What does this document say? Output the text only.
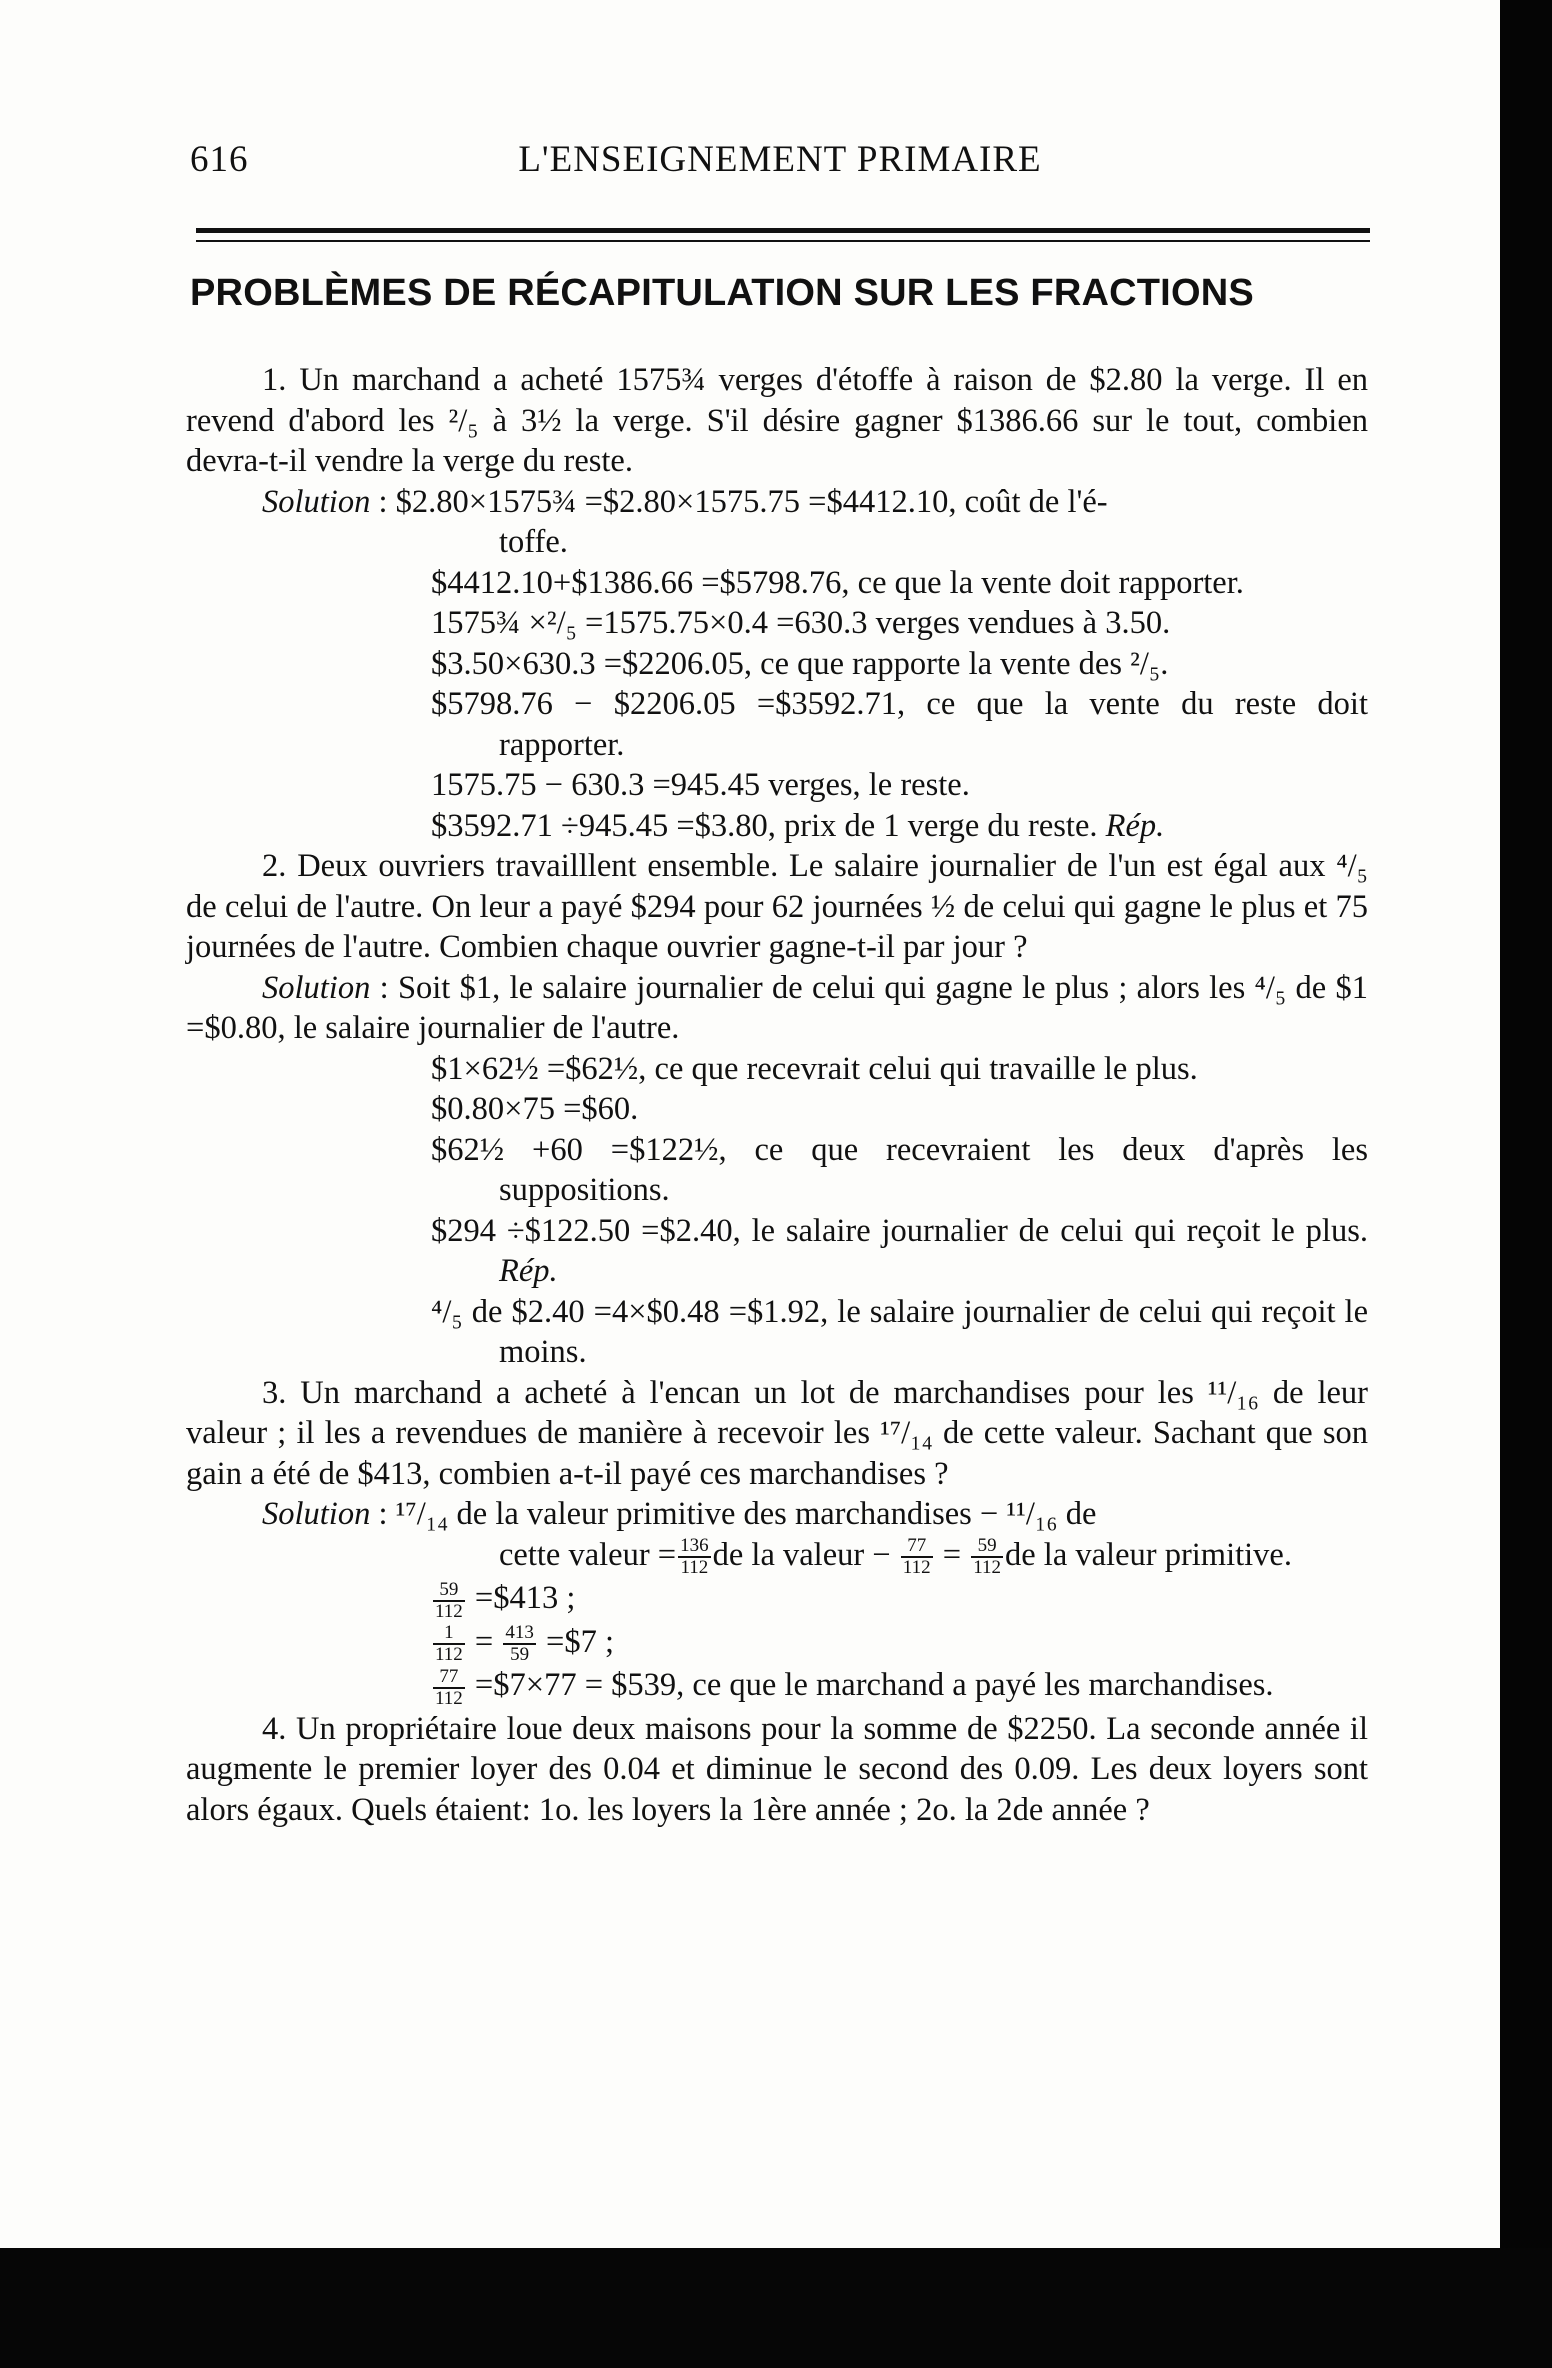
616	L'ENSEIGNEMENT PRIMAIRE
PROBLÈMES DE RÉCAPITULATION SUR LES FRACTIONS

1. Un marchand a acheté 1575¾ verges d'étoffe à raison de $2.80 la verge. Il en revend d'abord les ²/₅ à 3½ la verge. S'il désire gagner $1386.66 sur le tout, combien devra-t-il vendre la verge du reste.

Solution : $2.80×1575¾ =$2.80×1575.75 =$4412.10, coût de l'é-

toffe.

$4412.10+$1386.66 =$5798.76, ce que la vente doit rapporter.

1575¾ ×²/₅ =1575.75×0.4 =630.3 verges vendues à 3.50.

$3.50×630.3 =$2206.05, ce que rapporte la vente des ²/₅.

$5798.76 − $2206.05 =$3592.71, ce que la vente du reste doit rapporter.

1575.75 − 630.3 =945.45 verges, le reste.

$3592.71 ÷945.45 =$3.80, prix de 1 verge du reste. Rép.

2. Deux ouvriers travailllent ensemble. Le salaire journalier de l'un est égal aux ⁴/₅ de celui de l'autre. On leur a payé $294 pour 62 journées ½ de celui qui gagne le plus et 75 journées de l'autre. Combien chaque ouvrier gagne-t-il par jour ?

Solution : Soit $1, le salaire journalier de celui qui gagne le plus ; alors les ⁴/₅ de $1 =$0.80, le salaire journalier de l'autre.

$1×62½ =$62½, ce que recevrait celui qui travaille le plus.

$0.80×75 =$60.

$62½ +60 =$122½, ce que recevraient les deux d'après les suppositions.

$294 ÷$122.50 =$2.40, le salaire journalier de celui qui reçoit le plus. Rép.

⁴/₅ de $2.40 =4×$0.48 =$1.92, le salaire journalier de celui qui reçoit le moins.

3. Un marchand a acheté à l'encan un lot de marchandises pour les ¹¹/₁₆ de leur valeur ; il les a revendues de manière à recevoir les ¹⁷/₁₄ de cette valeur. Sachant que son gain a été de $413, combien a-t-il payé ces marchandises ?

Solution : ¹⁷/₁₄ de la valeur primitive des marchandises − ¹¹/₁₆ de

cette valeur = $\frac{136}{112}$ de la valeur − $\frac{77}{112} = \frac{59}{112}$ de la valeur primitive.

$\frac{59}{112}$ =$413 ;

$\frac{1}{112} = \frac{413}{59}$ =$7 ;

$\frac{77}{112}$ =$7×77 = $539, ce que le marchand a payé les marchandises.

4. Un propriétaire loue deux maisons pour la somme de $2250. La seconde année il augmente le premier loyer des 0.04 et diminue le second des 0.09. Les deux loyers sont alors égaux. Quels étaient: 1o. les loyers la 1ère année ; 2o. la 2de année ?
